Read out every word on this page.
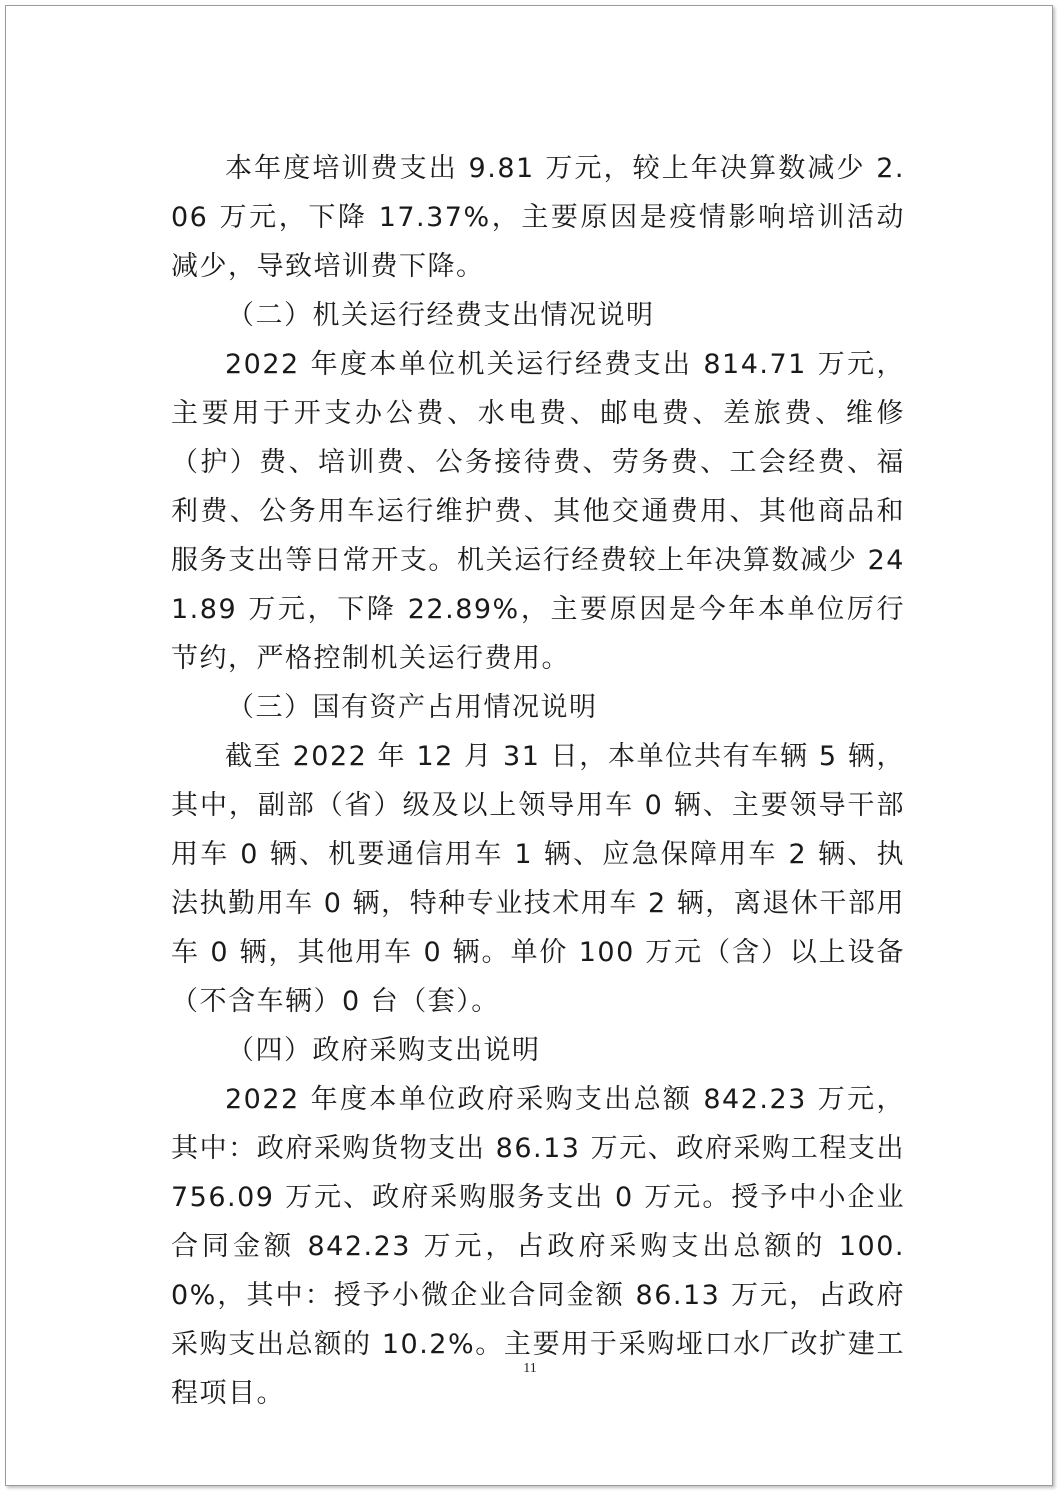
本年度培训费支出 9.81 万元，较上年决算数减少 2.06 万元，下降 17.37%，主要原因是疫情影响培训活动减少，导致培训费下降。

（二）机关运行经费支出情况说明

2022 年度本单位机关运行经费支出 814.71 万元，主要用于开支办公费、水电费、邮电费、差旅费、维修（护）费、培训费、公务接待费、劳务费、工会经费、福利费、公务用车运行维护费、其他交通费用、其他商品和服务支出等日常开支。机关运行经费较上年决算数减少 241.89 万元，下降 22.89%，主要原因是今年本单位厉行节约，严格控制机关运行费用。

（三）国有资产占用情况说明

截至 2022 年 12 月 31 日，本单位共有车辆 5 辆，其中，副部（省）级及以上领导用车 0 辆、主要领导干部用车 0 辆、机要通信用车 1 辆、应急保障用车 2 辆、执法执勤用车 0 辆，特种专业技术用车 2 辆，离退休干部用车 0 辆，其他用车 0 辆。单价 100 万元（含）以上设备（不含车辆）0 台（套）。

（四）政府采购支出说明

2022 年度本单位政府采购支出总额 842.23 万元，其中：政府采购货物支出 86.13 万元、政府采购工程支出 756.09 万元、政府采购服务支出 0 万元。授予中小企业合同金额 842.23 万元，占政府采购支出总额的 100.0%，其中：授予小微企业合同金额 86.13 万元，占政府采购支出总额的 10.2%。主要用于采购垭口水厂改扩建工程项目。

11
